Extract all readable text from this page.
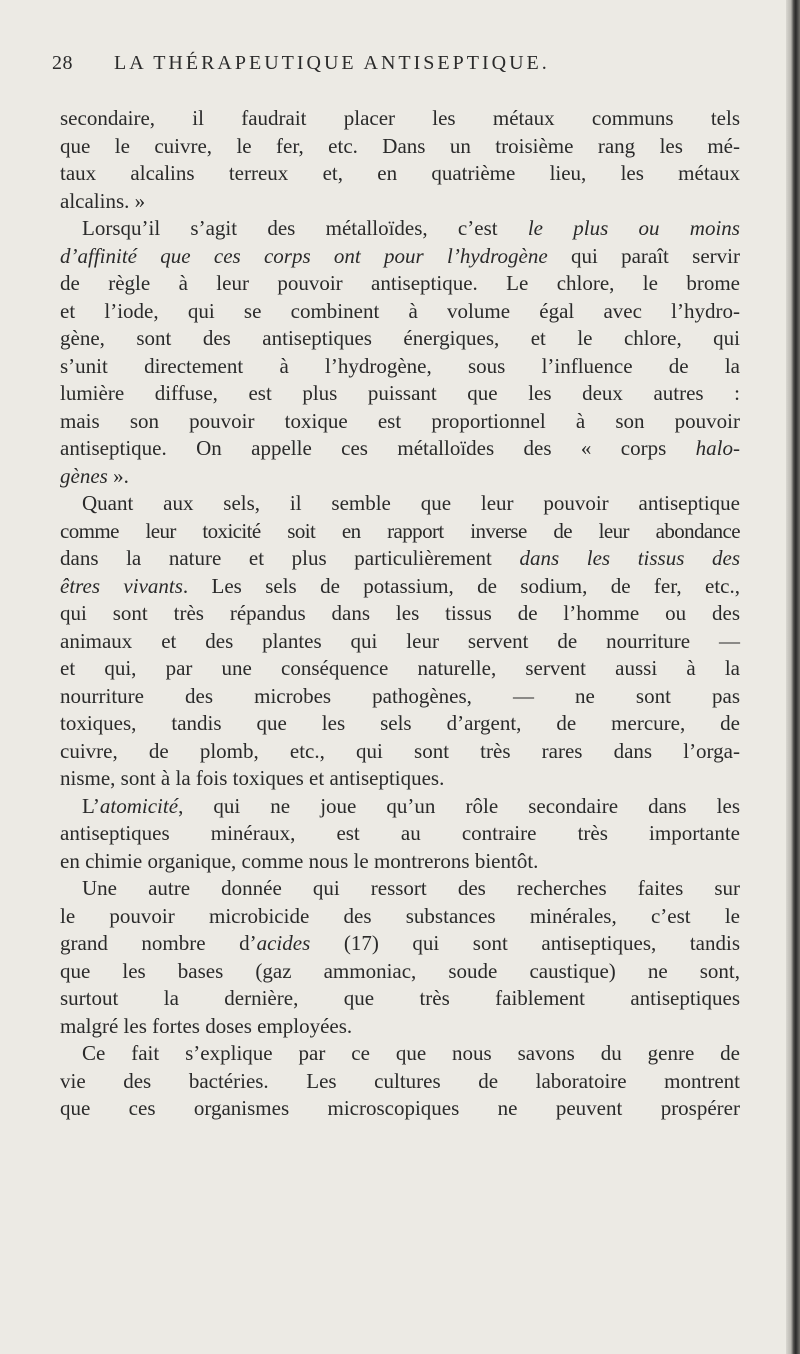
28 LA THÉRAPEUTIQUE ANTISEPTIQUE.
secondaire, il faudrait placer les métaux communs tels
que le cuivre, le fer, etc. Dans un troisième rang les mé-
taux alcalins terreux et, en quatrième lieu, les métaux
alcalins. »
Lorsqu’il s’agit des métalloïdes, c’est le plus ou moins
d’affinité que ces corps ont pour l’hydrogène qui paraît servir
de règle à leur pouvoir antiseptique. Le chlore, le brome
et l’iode, qui se combinent à volume égal avec l’hydro-
gène, sont des antiseptiques énergiques, et le chlore, qui
s’unit directement à l’hydrogène, sous l’influence de la
lumière diffuse, est plus puissant que les deux autres :
mais son pouvoir toxique est proportionnel à son pouvoir
antiseptique. On appelle ces métalloïdes des « corps halo-
gènes ».
Quant aux sels, il semble que leur pouvoir antiseptique
comme leur toxicité soit en rapport inverse de leur abondance
dans la nature et plus particulièrement dans les tissus des
êtres vivants. Les sels de potassium, de sodium, de fer, etc.,
qui sont très répandus dans les tissus de l’homme ou des
animaux et des plantes qui leur servent de nourriture —
et qui, par une conséquence naturelle, servent aussi à la
nourriture des microbes pathogènes, — ne sont pas
toxiques, tandis que les sels d’argent, de mercure, de
cuivre, de plomb, etc., qui sont très rares dans l’orga-
nisme, sont à la fois toxiques et antiseptiques.
L’atomicité, qui ne joue qu’un rôle secondaire dans les
antiseptiques minéraux, est au contraire très importante
en chimie organique, comme nous le montrerons bientôt.
Une autre donnée qui ressort des recherches faites sur
le pouvoir microbicide des substances minérales, c’est le
grand nombre d’acides (17) qui sont antiseptiques, tandis
que les bases (gaz ammoniac, soude caustique) ne sont,
surtout la dernière, que très faiblement antiseptiques
malgré les fortes doses employées.
Ce fait s’explique par ce que nous savons du genre de
vie des bactéries. Les cultures de laboratoire montrent
que ces organismes microscopiques ne peuvent prospérer
